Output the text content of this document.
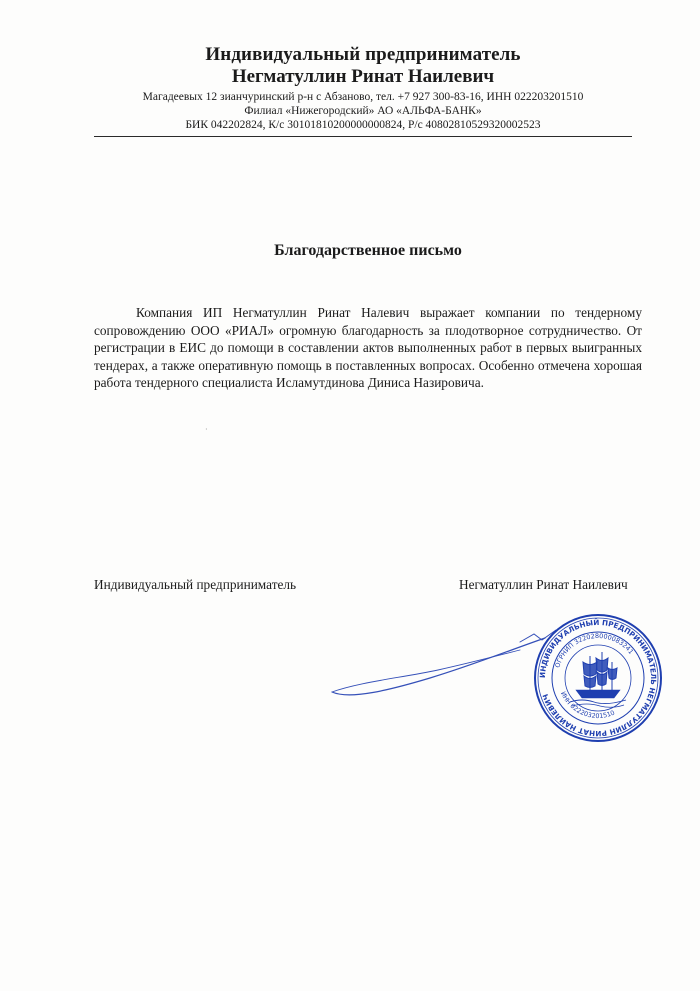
Индивидуальный предприниматель
Негматуллин Ринат Наилевич
Магадеевых 12 зианчуринский р-н с Абзаново, тел. +7 927 300-83-16, ИНН 022203201510
Филиал «Нижегородский» АО «АЛЬФА-БАНК»
БИК 042202824, К/с 30101810200000000824, Р/с 40802810529320002523
Благодарственное письмо
Компания ИП Негматуллин Ринат Налевич выражает компании по тендерному сопровождению ООО «РИАЛ» огромную благодарность за плодотворное сотрудничество. От регистрации в ЕИС до помощи в составлении актов выполненных работ в первых выигранных тендерах, а также оперативную помощь в поставленных вопросах. Особенно отмечена хорошая работа тендерного специалиста Исламутдинова Диниса Назировича.
·
Индивидуальный предприниматель	Негматуллин Ринат Наилевич
ИНДИВИДУАЛЬНЫЙ ПРЕДПРИНИМАТЕЛЬ НЕГМАТУЛЛИН РИНАТ НАИЛЕВИЧ
ОГРНИП 322028000083241
ИНН 022203201510
